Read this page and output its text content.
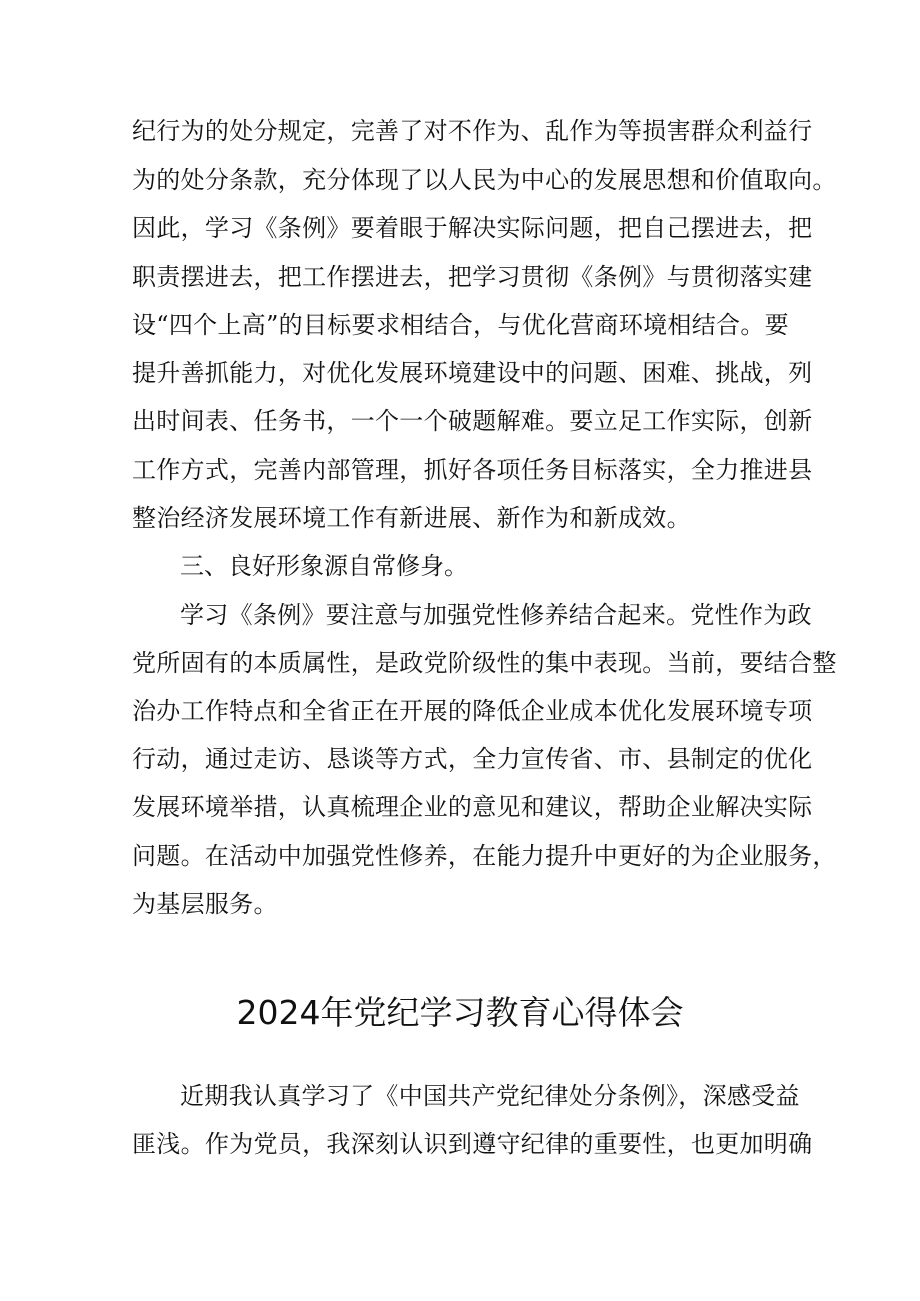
纪行为的处分规定，完善了对不作为、乱作为等损害群众利益行
为的处分条款，充分体现了以人民为中心的发展思想和价值取向。
因此，学习《条例》要着眼于解决实际问题，把自己摆进去，把
职责摆进去，把工作摆进去，把学习贯彻《条例》与贯彻落实建
设“四个上高”的目标要求相结合，与优化营商环境相结合。要
提升善抓能力，对优化发展环境建设中的问题、困难、挑战，列
出时间表、任务书，一个一个破题解难。要立足工作实际，创新
工作方式，完善内部管理，抓好各项任务目标落实，全力推进县
整治经济发展环境工作有新进展、新作为和新成效。
三、良好形象源自常修身。
学习《条例》要注意与加强党性修养结合起来。党性作为政
党所固有的本质属性，是政党阶级性的集中表现。当前，要结合整
治办工作特点和全省正在开展的降低企业成本优化发展环境专项
行动，通过走访、恳谈等方式，全力宣传省、市、县制定的优化
发展环境举措，认真梳理企业的意见和建议，帮助企业解决实际
问题。在活动中加强党性修养，在能力提升中更好的为企业服务，
为基层服务。
2024年党纪学习教育心得体会
近期我认真学习了《中国共产党纪律处分条例》，深感受益
匪浅。作为党员，我深刻认识到遵守纪律的重要性，也更加明确
